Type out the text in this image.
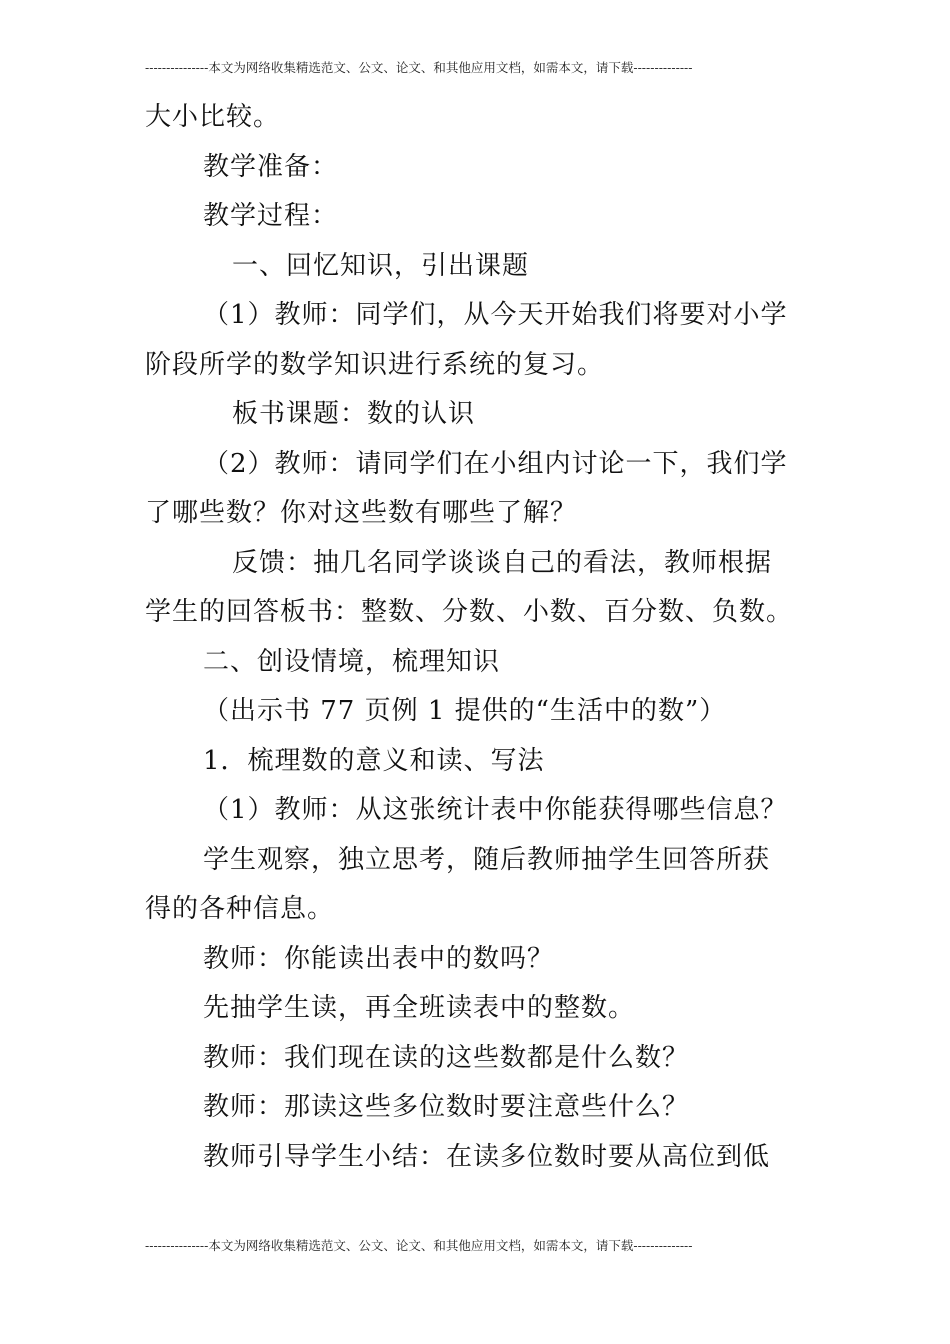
---------------本文为网络收集精选范文、公文、论文、和其他应用文档，如需本文，请下载--------------
大小比较。
教学准备：
教学过程：
一、回忆知识，引出课题
（1）教师：同学们，从今天开始我们将要对小学
阶段所学的数学知识进行系统的复习。
板书课题：数的认识
（2）教师：请同学们在小组内讨论一下，我们学
了哪些数？你对这些数有哪些了解？
反馈：抽几名同学谈谈自己的看法，教师根据
学生的回答板书：整数、分数、小数、百分数、负数。
二、创设情境，梳理知识
（出示书 77 页例 1 提供的“生活中的数”）
1．梳理数的意义和读、写法
（1）教师：从这张统计表中你能获得哪些信息？
学生观察，独立思考，随后教师抽学生回答所获
得的各种信息。
教师：你能读出表中的数吗？
先抽学生读，再全班读表中的整数。
教师：我们现在读的这些数都是什么数？
教师：那读这些多位数时要注意些什么？
教师引导学生小结：在读多位数时要从高位到低
---------------本文为网络收集精选范文、公文、论文、和其他应用文档，如需本文，请下载--------------
